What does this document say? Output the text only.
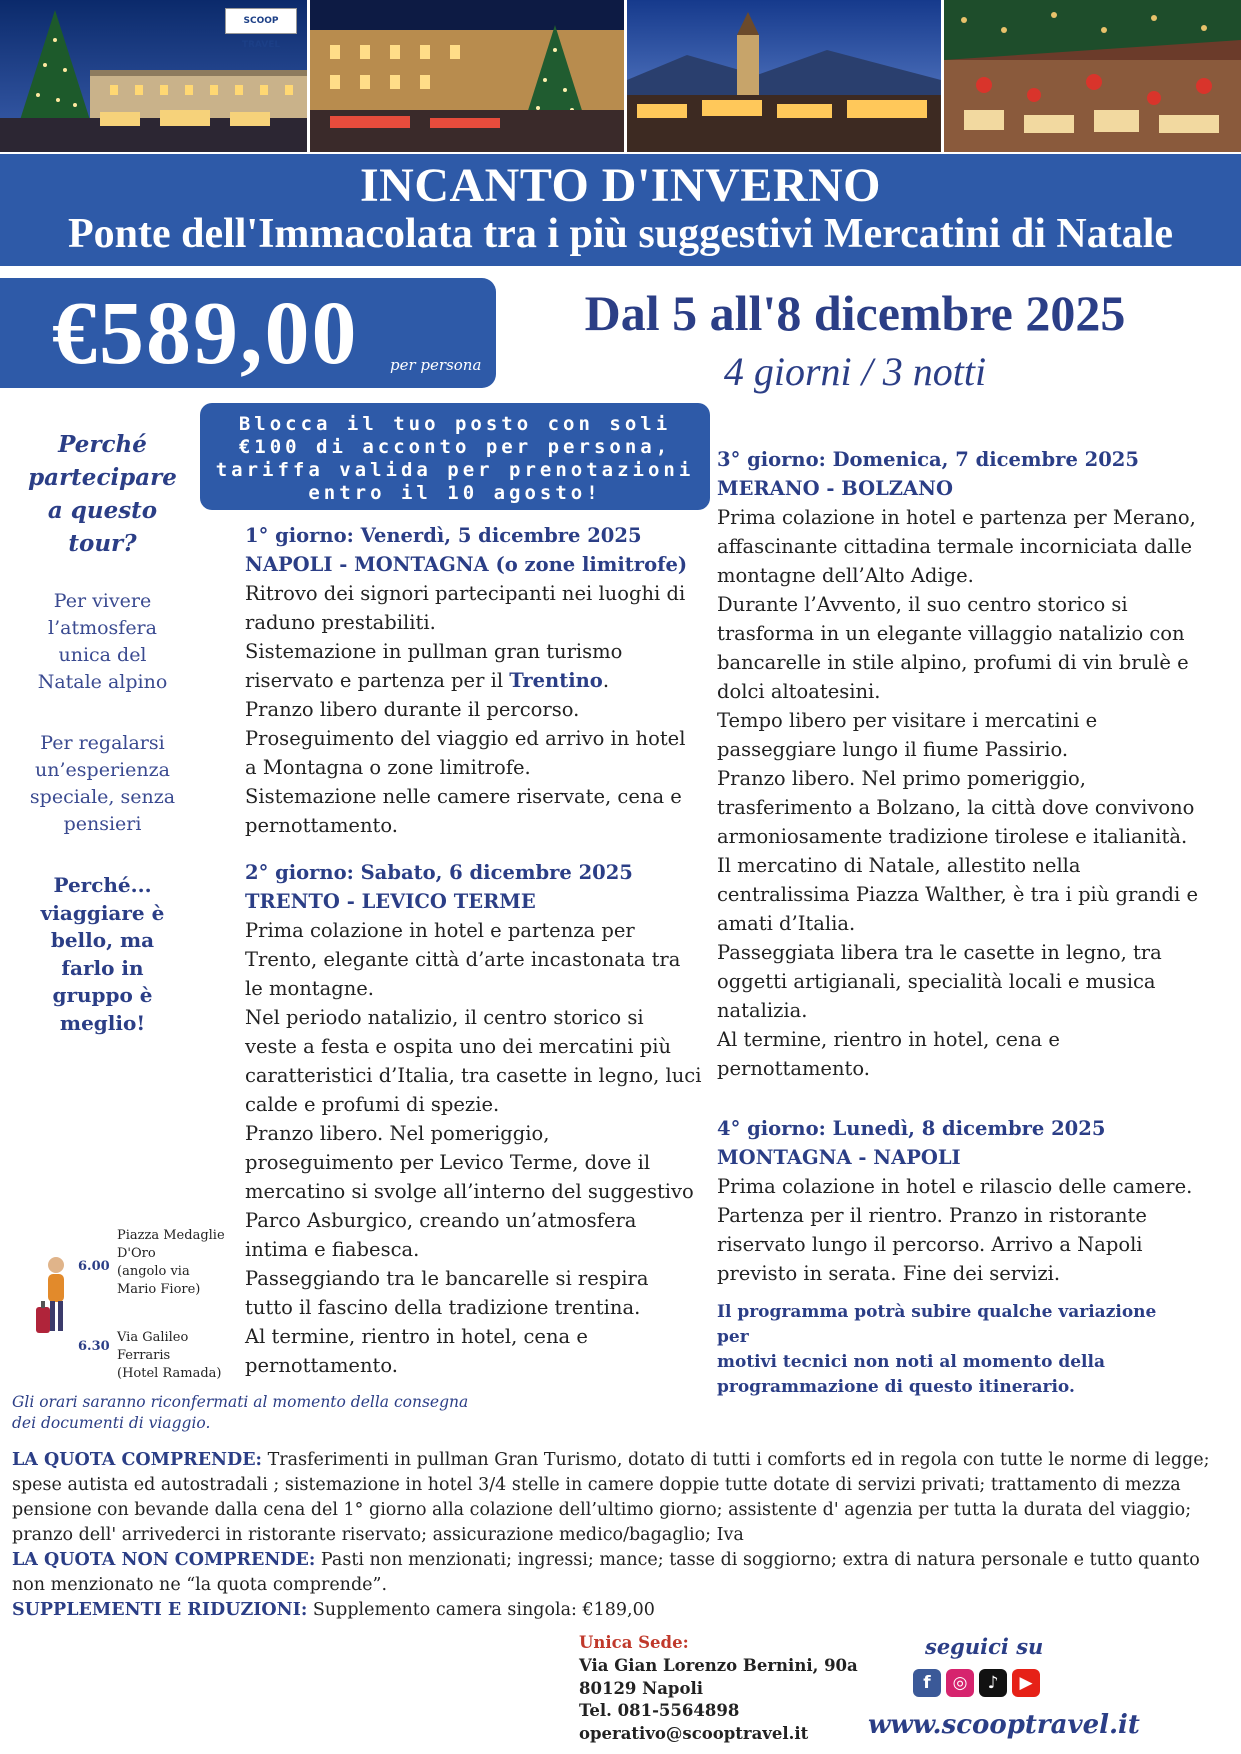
SCOOP TRAVEL
INCANTO D'INVERNO
Ponte dell'Immacolata tra i più suggestivi Mercatini di Natale
€589,00 per persona
Dal 5 all'8 dicembre 2025
4 giorni / 3 notti
Blocca il tuo posto con soli
€100 di acconto per persona,
tariffa valida per prenotazioni
entro il 10 agosto!
Perché
partecipare
a questo
tour?
Per vivere
l’atmosfera
unica del
Natale alpino
Per regalarsi
un’esperienza
speciale, senza
pensieri
Perché...
viaggiare è
bello, ma
farlo in
gruppo è
meglio!

1° giorno: Venerdì, 5 dicembre 2025

NAPOLI - MONTAGNA (o zone limitrofe)

Ritrovo dei signori partecipanti nei luoghi di

raduno prestabiliti.

Sistemazione in pullman gran turismo

riservato e partenza per il Trentino.

Pranzo libero durante il percorso.

Proseguimento del viaggio ed arrivo in hotel

a Montagna o zone limitrofe.

Sistemazione nelle camere riservate, cena e

pernottamento.

2° giorno: Sabato, 6 dicembre 2025

TRENTO - LEVICO TERME

Prima colazione in hotel e partenza per

Trento, elegante città d’arte incastonata tra

le montagne.

Nel periodo natalizio, il centro storico si

veste a festa e ospita uno dei mercatini più

caratteristici d’Italia, tra casette in legno, luci

calde e profumi di spezie.

Pranzo libero. Nel pomeriggio,

proseguimento per Levico Terme, dove il

mercatino si svolge all’interno del suggestivo

Parco Asburgico, creando un’atmosfera

intima e fiabesca.

Passeggiando tra le bancarelle si respira

tutto il fascino della tradizione trentina.

Al termine, rientro in hotel, cena e

pernottamento.

3° giorno: Domenica, 7 dicembre 2025

MERANO - BOLZANO

Prima colazione in hotel e partenza per Merano,

affascinante cittadina termale incorniciata dalle

montagne dell’Alto Adige.

Durante l’Avvento, il suo centro storico si

trasforma in un elegante villaggio natalizio con

bancarelle in stile alpino, profumi di vin brulè e

dolci altoatesini.

Tempo libero per visitare i mercatini e

passeggiare lungo il fiume Passirio.

Pranzo libero. Nel primo pomeriggio,

trasferimento a Bolzano, la città dove convivono

armoniosamente tradizione tirolese e italianità.

Il mercatino di Natale, allestito nella

centralissima Piazza Walther, è tra i più grandi e

amati d’Italia.

Passeggiata libera tra le casette in legno, tra

oggetti artigianali, specialità locali e musica

natalizia.

Al termine, rientro in hotel, cena e

pernottamento.

4° giorno: Lunedì, 8 dicembre 2025

MONTAGNA - NAPOLI

Prima colazione in hotel e rilascio delle camere.

Partenza per il rientro. Pranzo in ristorante

riservato lungo il percorso. Arrivo a Napoli

previsto in serata. Fine dei servizi.

Il programma potrà subire qualche variazione per
motivi tecnici non noti al momento della
programmazione di questo itinerario.
6.00
Piazza Medaglie
D'Oro
(angolo via
Mario Fiore)
6.30
Via Galileo
Ferraris
(Hotel Ramada)
Gli orari saranno riconfermati al momento della consegna
dei documenti di viaggio.

LA QUOTA COMPRENDE: Trasferimenti in pullman Gran Turismo, dotato di tutti i comforts ed in regola con tutte le norme di legge;

spese autista ed autostradali ; sistemazione in hotel 3/4 stelle in camere doppie tutte dotate di servizi privati; trattamento di mezza

pensione con bevande dalla cena del 1° giorno alla colazione dell’ultimo giorno; assistente d' agenzia per tutta la durata del viaggio;

pranzo dell' arrivederci in ristorante riservato; assicurazione medico/bagaglio; Iva

LA QUOTA NON COMPRENDE: Pasti non menzionati; ingressi; mance; tasse di soggiorno; extra di natura personale e tutto quanto

non menzionato ne “la quota comprende”.

SUPPLEMENTI E RIDUZIONI: Supplemento camera singola: €189,00

Unica Sede:
Via Gian Lorenzo Bernini, 90a
80129 Napoli
Tel. 081-5564898
operativo@scooptravel.it
seguici su
f	◎	♪	▶
www.scooptravel.it
